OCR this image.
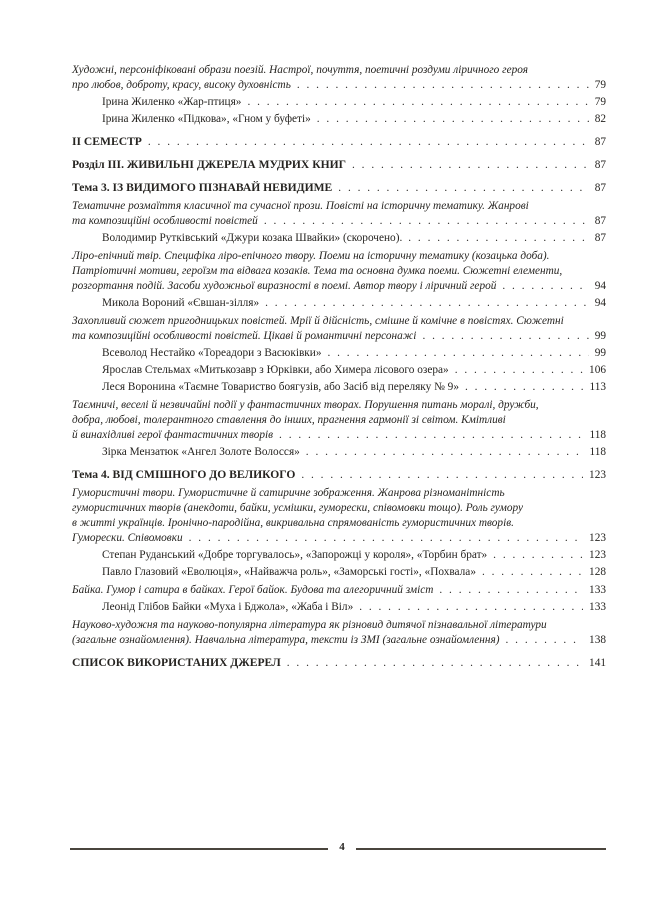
Художні, персоніфіковані образи поезій. Настрої, почуття, поетичні роздуми ліричного героя
про любов, доброту, красу, високу духовність . . .	79
Ірина Жиленко «Жар-птиця» . . .	79
Ірина Жиленко «Підкова», «Гном у буфеті» . . .	82
ІІ СЕМЕСТР . . .	87
Розділ ІІІ. ЖИВИЛЬНІ ДЖЕРЕЛА МУДРИХ КНИГ . . .	87
Тема 3. ІЗ ВИДИМОГО ПІЗНАВАЙ НЕВИДИМЕ . . .	87
Тематичне розмаїття класичної та сучасної прози. Повісті на історичну тематику. Жанрові
та композиційні особливості повістей . . .	87
Володимир Рутківський «Джури козака Швайки» (скорочено). . . .	87
Ліро-епічний твір. Специфіка ліро-епічного твору. Поеми на історичну тематику (козацька доба).
Патріотичні мотиви, героїзм та відвага козаків. Тема та основна думка поеми. Сюжетні елементи,
розгортання подій. Засоби художньої виразності в поемі. Автор твору і ліричний герой . . .	94
Микола Вороний «Євшан-зілля» . . .	94
Захопливий сюжет пригодницьких повістей. Мрії й дійсність, смішне й комічне в повістях. Сюжетні
та композиційні особливості повістей. Цікаві й романтичні персонажі . . .	99
Всеволод Нестайко «Тореадори з Васюківки» . . .	99
Ярослав Стельмах «Митькозавр з Юрківки, або Химера лісового озера» . . .	106
Леся Воронина «Таємне Товариство боягузів, або Засіб від переляку № 9» . . .	113
Таємничі, веселі й незвичайні події у фантастичних творах. Порушення питань моралі, дружби,
добра, любові, толерантного ставлення до інших, прагнення гармонії зі світом. Кмітливі
й винахідливі герої фантастичних творів . . .	118
Зірка Мензатюк «Ангел Золоте Волосся» . . .	118
Тема 4. ВІД СМІШНОГО ДО ВЕЛИКОГО . . .	123
Гумористичні твори. Гумористичне й сатиричне зображення. Жанрова різноманітність
гумористичних творів (анекдоти, байки, усмішки, гуморески, співомовки тощо). Роль гумору
в житті українців. Іронічно-пародійна, викривальна спрямованість гумористичних творів.
Гуморески. Співомовки . . .	123
Степан Руданський «Добре торгувалось», «Запорожці у короля», «Торбин брат» . . .	123
Павло Глазовий «Еволюція», «Найважча роль», «Заморські гості», «Похвала» . . .	128
Байка. Гумор і сатира в байках. Герої байок. Будова та алегоричний зміст . . .	133
Леонід Глібов Байки «Муха і Бджола», «Жаба і Віл» . . .	133
Науково-художня та науково-популярна література як різновид дитячої пізнавальної літератури
(загальне ознайомлення). Навчальна література, тексти із ЗМІ (загальне ознайомлення) . . .	138
СПИСОК ВИКОРИСТАНИХ ДЖЕРЕЛ . . .	141
4
